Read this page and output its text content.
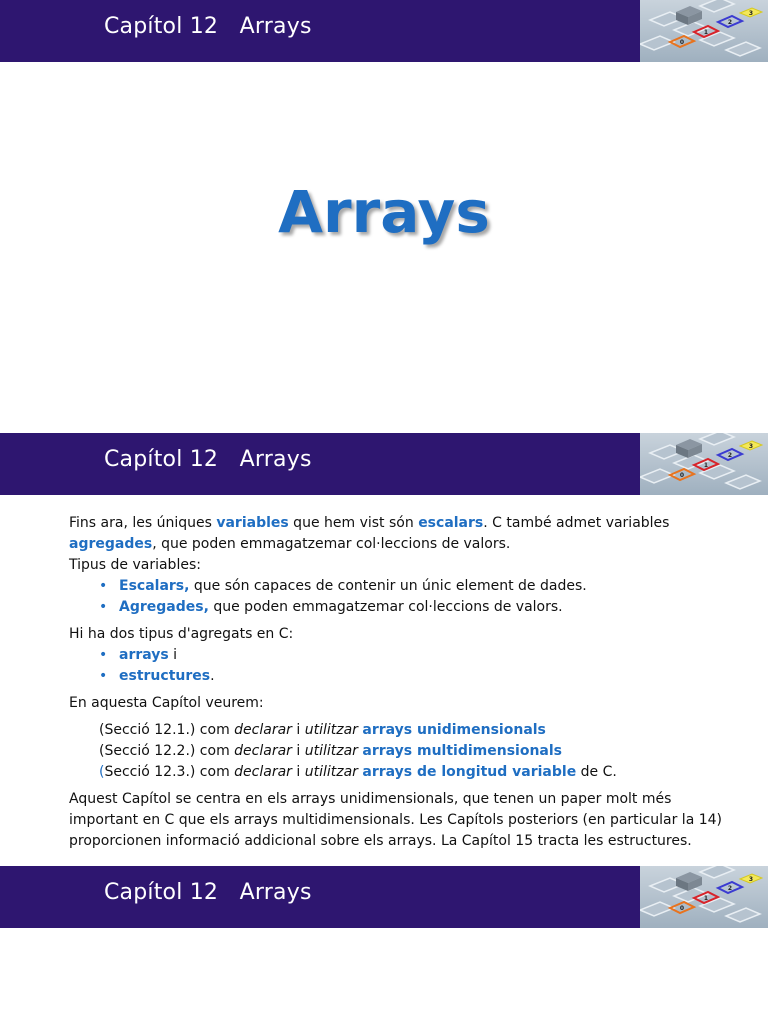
Capítol 12   Arrays
0
1
2
3
Arrays
Capítol 12   Arrays
0
1
2
3

Fins ara, les úniques variables que hem vist són escalars. C també admet variables
agregades, que poden emmagatzemar col·leccions de valors.

Tipus de variables:

• Escalars, que són capaces de contenir un únic element de dades.
• Agregades, que poden emmagatzemar col·leccions de valors.

Hi ha dos tipus d'agregats en C:

• arrays i
• estructures.

En aquesta Capítol veurem:

(Secció 12.1.) com declarar i utilitzar arrays unidimensionals
(Secció 12.2.) com declarar i utilitzar arrays multidimensionals
(Secció 12.3.) com declarar i utilitzar arrays de longitud variable de C.

Aquest Capítol se centra en els arrays unidimensionals, que tenen un paper molt més
important en C que els arrays multidimensionals. Les Capítols posteriors (en particular la 14)
proporcionen informació addicional sobre els arrays. La Capítol 15 tracta les estructures.

Capítol 12   Arrays
0
1
2
3
